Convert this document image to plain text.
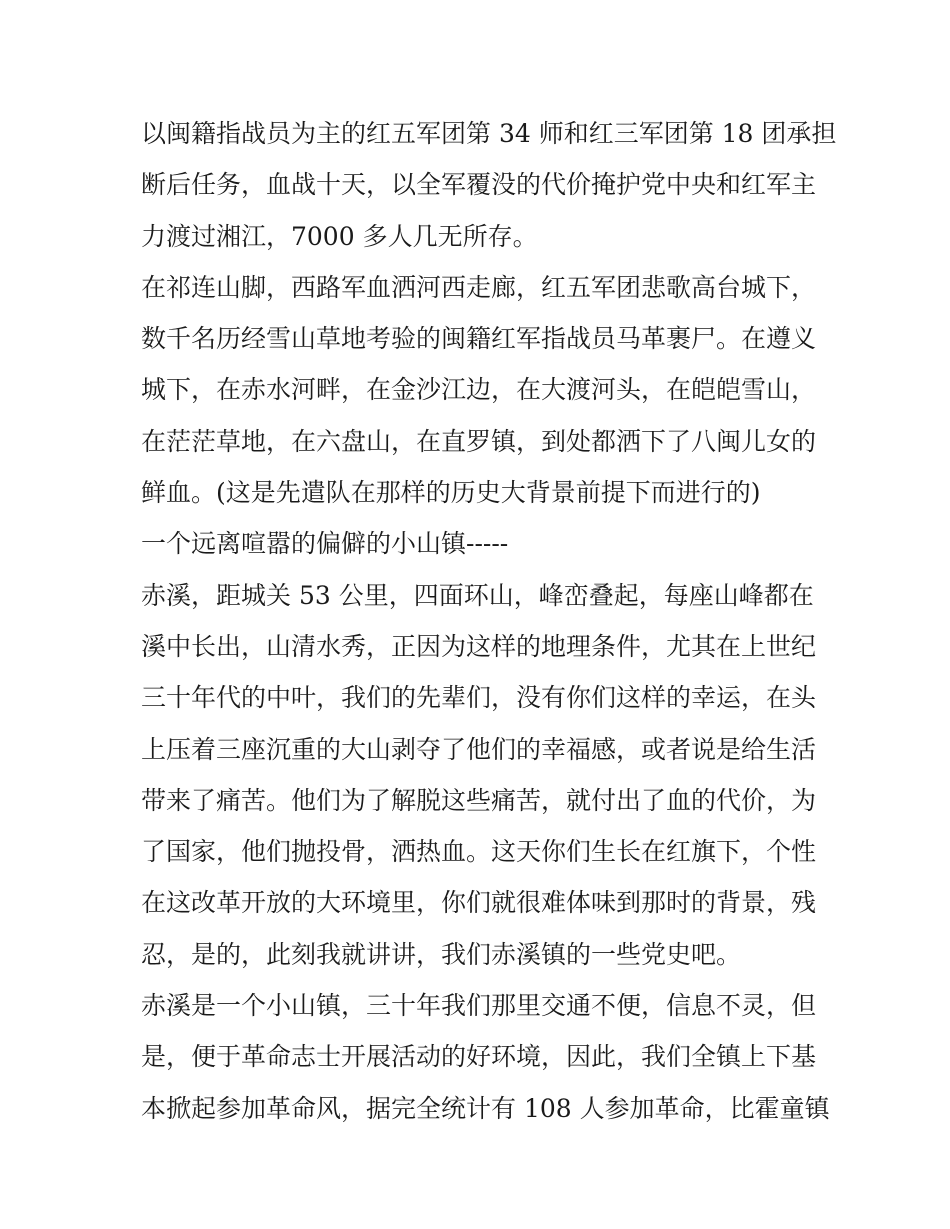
以闽籍指战员为主的红五军团第 34 师和红三军团第 18 团承担
断后任务，血战十天，以全军覆没的代价掩护党中央和红军主
力渡过湘江，7000 多人几无所存。
在祁连山脚，西路军血洒河西走廊，红五军团悲歌高台城下，
数千名历经雪山草地考验的闽籍红军指战员马革裹尸。在遵义
城下，在赤水河畔，在金沙江边，在大渡河头，在皑皑雪山，
在茫茫草地，在六盘山，在直罗镇，到处都洒下了八闽儿女的
鲜血。(这是先遣队在那样的历史大背景前提下而进行的)
一个远离喧嚣的偏僻的小山镇-----
赤溪，距城关 53 公里，四面环山，峰峦叠起，每座山峰都在
溪中长出，山清水秀，正因为这样的地理条件，尤其在上世纪
三十年代的中叶，我们的先辈们，没有你们这样的幸运，在头
上压着三座沉重的大山剥夺了他们的幸福感，或者说是给生活
带来了痛苦。他们为了解脱这些痛苦，就付出了血的代价，为
了国家，他们抛投骨，洒热血。这天你们生长在红旗下，个性
在这改革开放的大环境里，你们就很难体味到那时的背景，残
忍，是的，此刻我就讲讲，我们赤溪镇的一些党史吧。
赤溪是一个小山镇，三十年我们那里交通不便，信息不灵，但
是，便于革命志士开展活动的好环境，因此，我们全镇上下基
本掀起参加革命风，据完全统计有 108 人参加革命，比霍童镇
